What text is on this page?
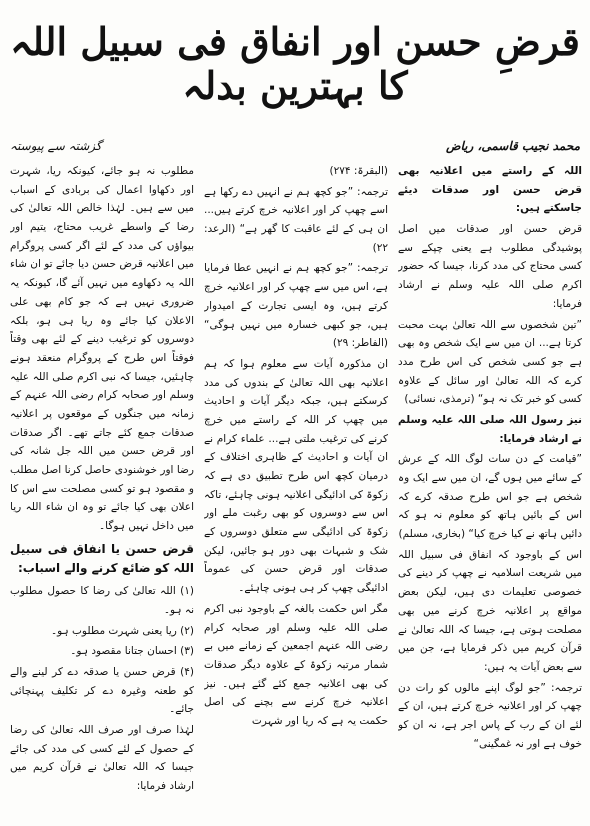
قرضِ حسن اور انفاق فی سبیل اللہ کا بہترین بدلہ
محمد نجیب قاسمی، ریاض
گزشتہ سے پیوستہ

اللہ کے راستے میں اعلانیہ بھی قرض حسن اور صدقات دیئے جاسکتے ہیں:

قرض حسن اور صدقات میں اصل پوشیدگی مطلوب ہے یعنی چپکے سے کسی محتاج کی مدد کرنا، جیسا کہ حضور اکرم صلی اللہ علیہ وسلم نے ارشاد فرمایا:

”تین شخصوں سے اللہ تعالیٰ بہت محبت کرتا ہے... ان میں سے ایک شخص وہ بھی ہے جو کسی شخص کی اس طرح مدد کرے کہ اللہ تعالیٰ اور سائل کے علاوہ کسی کو خبر تک نہ ہو“ (ترمذی، نسائی)

نیز رسول اللہ صلی اللہ علیہ وسلم نے ارشاد فرمایا:

”قیامت کے دن سات لوگ اللہ کے عرش کے سائے میں ہوں گے، ان میں سے ایک وہ شخص ہے جو اس طرح صدقہ کرے کہ اس کے بائیں ہاتھ کو معلوم نہ ہو کہ دائیں ہاتھ نے کیا خرچ کیا“ (بخاری، مسلم)

اس کے باوجود کہ انفاق فی سبیل اللہ میں شریعت اسلامیہ نے چھپ کر دینے کی خصوصی تعلیمات دی ہیں، لیکن بعض مواقع پر اعلانیہ خرچ کرنے میں بھی مصلحت ہوتی ہے، جیسا کہ اللہ تعالیٰ نے قرآن کریم میں ذکر فرمایا ہے، جن میں سے بعض آیات یہ ہیں:

ترجمہ: ”جو لوگ اپنے مالوں کو رات دن چھپ کر اور اعلانیہ خرچ کرتے ہیں، ان کے لئے ان کے رب کے پاس اجر ہے، نہ ان کو خوف ہے اور نہ غمگینی“

(البقرۃ: ۲۷۴)

ترجمہ: ”جو کچھ ہم نے انہیں دے رکھا ہے اسے چھپ کر اور اعلانیہ خرچ کرتے ہیں... ان ہی کے لئے عاقبت کا گھر ہے“ (الرعد: ۲۲)

ترجمہ: ”جو کچھ ہم نے انہیں عطا فرمایا ہے، اس میں سے چھپ کر اور اعلانیہ خرچ کرتے ہیں، وہ ایسی تجارت کے امیدوار ہیں، جو کبھی خسارہ میں نہیں ہوگی“ (الفاطر: ۲۹)

ان مذکورہ آیات سے معلوم ہوا کہ ہم اعلانیہ بھی اللہ تعالیٰ کے بندوں کی مدد کرسکتے ہیں، جبکہ دیگر آیات و احادیث میں چھپ کر اللہ کے راستے میں خرچ کرنے کی ترغیب ملتی ہے... علماء کرام نے ان آیات و احادیث کے ظاہری اختلاف کے درمیان کچھ اس طرح تطبیق دی ہے کہ زکوۃ کی ادائیگی اعلانیہ ہونی چاہئے، تاکہ اس سے دوسروں کو بھی رغبت ملے اور زکوۃ کی ادائیگی سے متعلق دوسروں کے شک و شبہات بھی دور ہو جائیں، لیکن صدقات اور قرض حسن کی عموماً ادائیگی چھپ کر ہی ہونی چاہئے۔

مگر اس حکمت بالغہ کے باوجود نبی اکرم صلی اللہ علیہ وسلم اور صحابہ کرام رضی اللہ عنہم اجمعین کے زمانے میں بے شمار مرتبہ زکوۃ کے علاوہ دیگر صدقات کی بھی اعلانیہ جمع کئے گئے ہیں۔ نیز اعلانیہ خرچ کرنے سے بچنے کی اصل حکمت یہ ہے کہ ریا اور شہرت

مطلوب نہ ہو جائے، کیونکہ ریا، شہرت اور دکھاوا اعمال کی بربادی کے اسباب میں سے ہیں۔ لہٰذا خالص اللہ تعالیٰ کی رضا کے واسطے غریب محتاج، یتیم اور بیواؤں کی مدد کے لئے اگر کسی پروگرام میں اعلانیہ قرض حسن دیا جائے تو ان شاء اللہ یہ دکھاوے میں نہیں آئے گا، کیونکہ یہ ضروری نہیں ہے کہ جو کام بھی علی الاعلان کیا جائے وہ ریا ہی ہو، بلکہ دوسروں کو ترغیب دینے کے لئے بھی وقتاً فوقتاً اس طرح کے پروگرام منعقد ہونے چاہئیں، جیسا کہ نبی اکرم صلی اللہ علیہ وسلم اور صحابہ کرام رضی اللہ عنہم کے زمانہ میں جنگوں کے موقعوں پر اعلانیہ صدقات جمع کئے جاتے تھے۔ اگر صدقات اور قرض حسن میں اللہ جل شانہ کی رضا اور خوشنودی حاصل کرنا اصل مطلب و مقصود ہو تو کسی مصلحت سے اس کا اعلان بھی کیا جائے تو وہ ان شاء اللہ ریا میں داخل نہیں ہوگا۔

قرض حسن یا انفاق فی سبیل اللہ کو ضائع کرنے والے اسباب:

(۱) اللہ تعالیٰ کی رضا کا حصول مطلوب نہ ہو۔

(۲) ریا یعنی شہرت مطلوب ہو۔

(۳) احسان جتانا مقصود ہو۔

(۴) قرض حسن یا صدقہ دے کر لینے والے کو طعنہ وغیرہ دے کر تکلیف پہنچائی جائے۔

لہٰذا صرف اور صرف اللہ تعالیٰ کی رضا کے حصول کے لئے کسی کی مدد کی جائے جیسا کہ اللہ تعالیٰ نے قرآن کریم میں ارشاد فرمایا:
